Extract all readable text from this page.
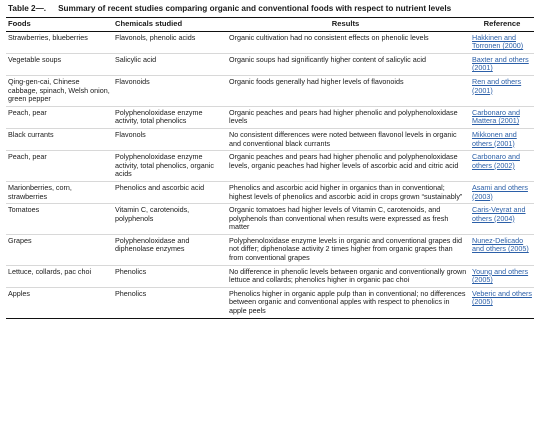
Table 2—. Summary of recent studies comparing organic and conventional foods with respect to nutrient levels
Foods	Chemicals studied	Results	Reference
Strawberries, blueberries	Flavonols, phenolic acids	Organic cultivation had no consistent effects on phenolic levels	Hakkinen and Torronen (2000)
Vegetable soups	Salicylic acid	Organic soups had significantly higher content of salicylic acid	Baxter and others (2001)
Qing-gen-cai, Chinese cabbage, spinach, Welsh onion, green pepper	Flavonoids	Organic foods generally had higher levels of flavonoids	Ren and others (2001)
Peach, pear	Polyphenoloxidase enzyme activity, total phenolics	Organic peaches and pears had higher phenolic and polyphenoloxidase levels	Carbonaro and Mattera (2001)
Black currants	Flavonols	No consistent differences were noted between flavonol levels in organic and conventional black currants	Mikkonen and others (2001)
Peach, pear	Polyphenoloxidase enzyme activity, total phenolics, organic acids	Organic peaches and pears had higher phenolic and polyphenoloxidase levels, organic peaches had higher levels of ascorbic acid and citric acid	Carbonaro and others (2002)
Marionberries, corn, strawberries	Phenolics and ascorbic acid	Phenolics and ascorbic acid higher in organics than in conventional; highest levels of phenolics and ascorbic acid in crops grown “sustainably”	Asami and others (2003)
Tomatoes	Vitamin C, carotenoids, polyphenols	Organic tomatoes had higher levels of Vitamin C, carotenoids, and polyphenols than conventional when results were expressed as fresh matter	Caris-Veyrat and others (2004)
Grapes	Polyphenoloxidase and diphenolase enzymes	Polyphenoloxidase enzyme levels in organic and conventional grapes did not differ; diphenolase activity 2 times higher from organic grapes than from conventional grapes	Nunez-Delicado and others (2005)
Lettuce, collards, pac choi	Phenolics	No difference in phenolic levels between organic and conventionally grown lettuce and collards; phenolics higher in organic pac choi	Young and others (2005)
Apples	Phenolics	Phenolics higher in organic apple pulp than in conventional; no differences between organic and conventional apples with respect to phenolics in apple peels	Veberic and others (2005)
